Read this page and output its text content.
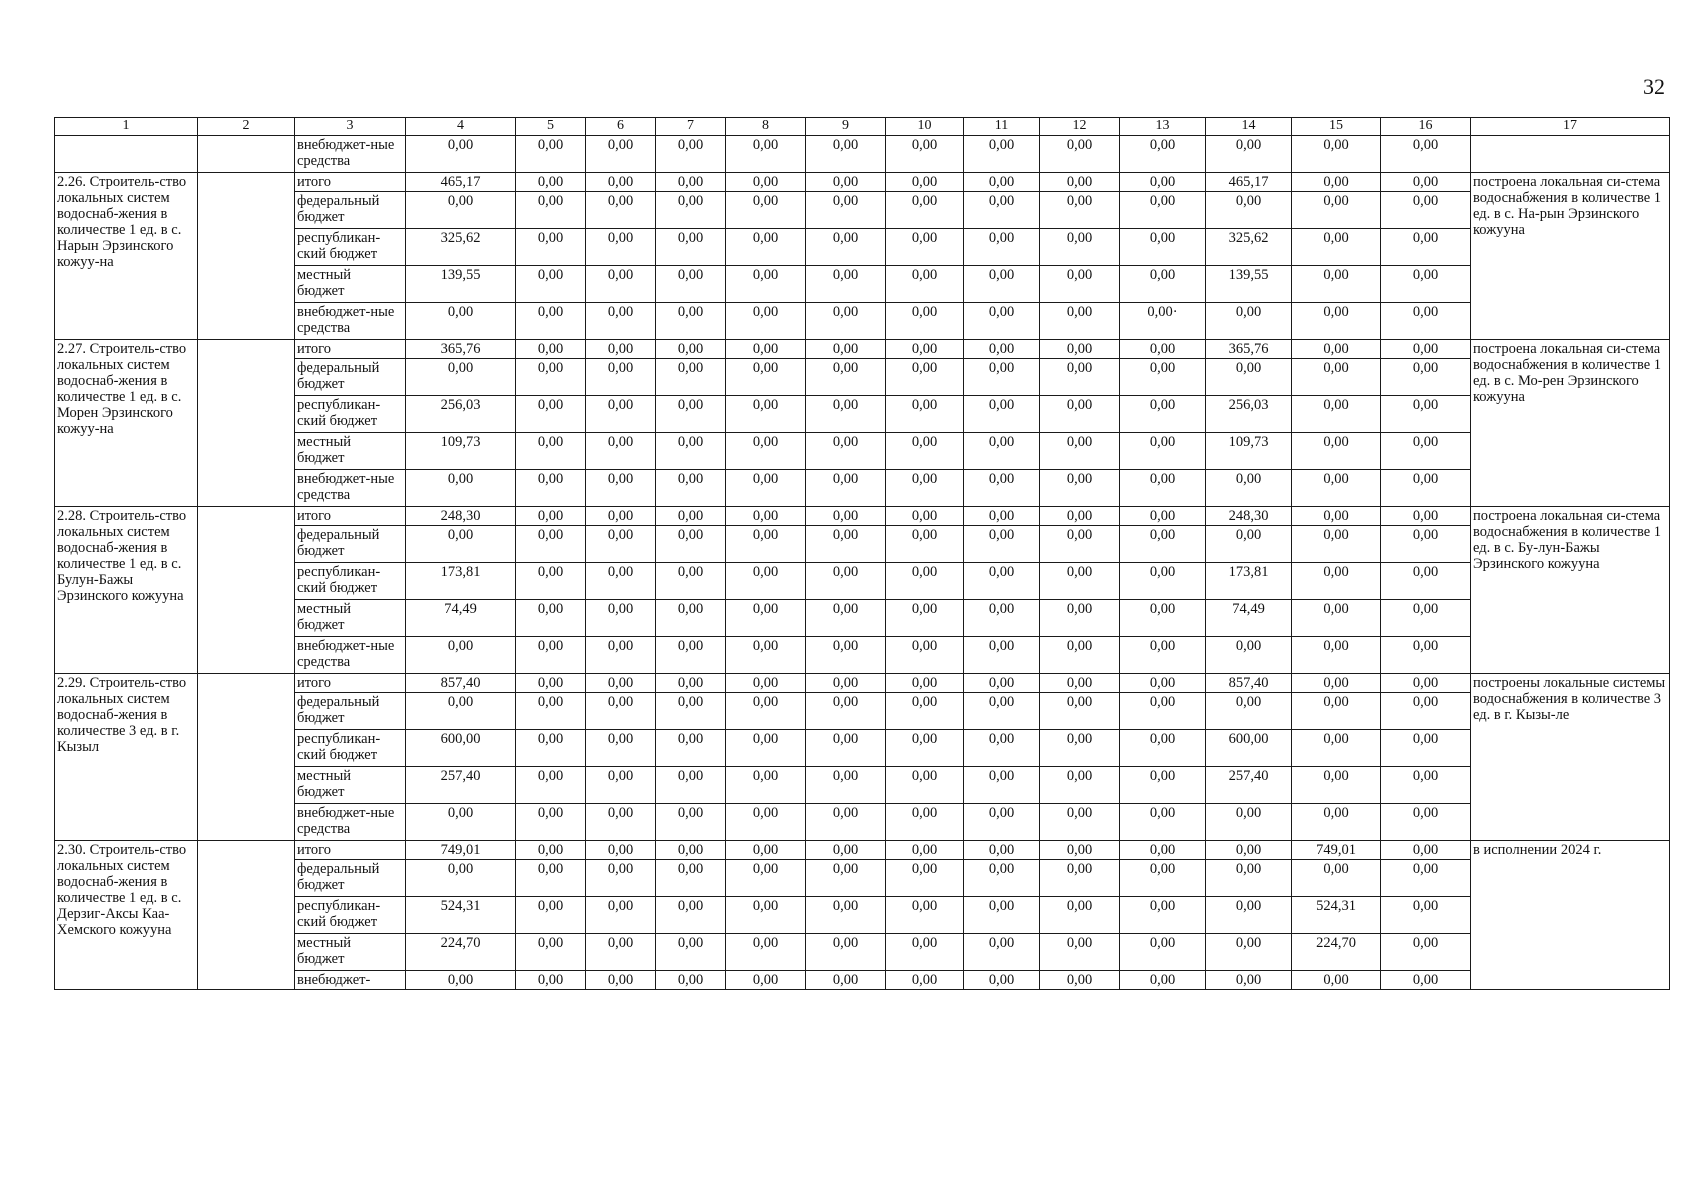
32
1	2	3	4	5	6	7	8	9	10	11	12	13	14	15	16	17
		внебюджет-ные средства	0,00	0,00	0,00	0,00	0,00	0,00	0,00	0,00	0,00	0,00	0,00	0,00	0,00	
2.26. Строитель-ство локальных систем водоснаб-жения в количестве 1 ед. в с. Нарын Эрзинского кожуу-на		итого	465,17	0,00	0,00	0,00	0,00	0,00	0,00	0,00	0,00	0,00	465,17	0,00	0,00	построена локальная си-стема водоснабжения в количестве 1 ед. в с. На-рын Эрзинского кожууна
		федеральный бюджет	0,00	0,00	0,00	0,00	0,00	0,00	0,00	0,00	0,00	0,00	0,00	0,00	0,00	
		республикан-ский бюджет	325,62	0,00	0,00	0,00	0,00	0,00	0,00	0,00	0,00	0,00	325,62	0,00	0,00	
		местный бюджет	139,55	0,00	0,00	0,00	0,00	0,00	0,00	0,00	0,00	0,00	139,55	0,00	0,00	
		внебюджет-ные средства	0,00	0,00	0,00	0,00	0,00	0,00	0,00	0,00	0,00	0,00·	0,00	0,00	0,00	
2.27. Строитель-ство локальных систем водоснаб-жения в количестве 1 ед. в с. Морен Эрзинского кожуу-на		итого	365,76	0,00	0,00	0,00	0,00	0,00	0,00	0,00	0,00	0,00	365,76	0,00	0,00	построена локальная си-стема водоснабжения в количестве 1 ед. в с. Мо-рен Эрзинского кожууна
		федеральный бюджет	0,00	0,00	0,00	0,00	0,00	0,00	0,00	0,00	0,00	0,00	0,00	0,00	0,00	
		республикан-ский бюджет	256,03	0,00	0,00	0,00	0,00	0,00	0,00	0,00	0,00	0,00	256,03	0,00	0,00	
		местный бюджет	109,73	0,00	0,00	0,00	0,00	0,00	0,00	0,00	0,00	0,00	109,73	0,00	0,00	
		внебюджет-ные средства	0,00	0,00	0,00	0,00	0,00	0,00	0,00	0,00	0,00	0,00	0,00	0,00	0,00	
2.28. Строитель-ство локальных систем водоснаб-жения в количестве 1 ед. в с. Булун-Бажы Эрзинского кожууна		итого	248,30	0,00	0,00	0,00	0,00	0,00	0,00	0,00	0,00	0,00	248,30	0,00	0,00	построена локальная си-стема водоснабжения в количестве 1 ед. в с. Бу-лун-Бажы Эрзинского кожууна
		федеральный бюджет	0,00	0,00	0,00	0,00	0,00	0,00	0,00	0,00	0,00	0,00	0,00	0,00	0,00	
		республикан-ский бюджет	173,81	0,00	0,00	0,00	0,00	0,00	0,00	0,00	0,00	0,00	173,81	0,00	0,00	
		местный бюджет	74,49	0,00	0,00	0,00	0,00	0,00	0,00	0,00	0,00	0,00	74,49	0,00	0,00	
		внебюджет-ные средства	0,00	0,00	0,00	0,00	0,00	0,00	0,00	0,00	0,00	0,00	0,00	0,00	0,00	
2.29. Строитель-ство локальных систем водоснаб-жения в количестве 3 ед. в г. Кызыл		итого	857,40	0,00	0,00	0,00	0,00	0,00	0,00	0,00	0,00	0,00	857,40	0,00	0,00	построены локальные системы водоснабжения в количестве 3 ед. в г. Кызы-ле
		федеральный бюджет	0,00	0,00	0,00	0,00	0,00	0,00	0,00	0,00	0,00	0,00	0,00	0,00	0,00	
		республикан-ский бюджет	600,00	0,00	0,00	0,00	0,00	0,00	0,00	0,00	0,00	0,00	600,00	0,00	0,00	
		местный бюджет	257,40	0,00	0,00	0,00	0,00	0,00	0,00	0,00	0,00	0,00	257,40	0,00	0,00	
		внебюджет-ные средства	0,00	0,00	0,00	0,00	0,00	0,00	0,00	0,00	0,00	0,00	0,00	0,00	0,00	
2.30. Строитель-ство локальных систем водоснаб-жения в количестве 1 ед. в с. Дерзиг-Аксы Каа-Хемского кожууна		итого	749,01	0,00	0,00	0,00	0,00	0,00	0,00	0,00	0,00	0,00	0,00	749,01	0,00	в исполнении 2024 г.
		федеральный бюджет	0,00	0,00	0,00	0,00	0,00	0,00	0,00	0,00	0,00	0,00	0,00	0,00	0,00	
		республикан-ский бюджет	524,31	0,00	0,00	0,00	0,00	0,00	0,00	0,00	0,00	0,00	0,00	524,31	0,00	
		местный бюджет	224,70	0,00	0,00	0,00	0,00	0,00	0,00	0,00	0,00	0,00	0,00	224,70	0,00	
		внебюджет-	0,00	0,00	0,00	0,00	0,00	0,00	0,00	0,00	0,00	0,00	0,00	0,00	0,00	
